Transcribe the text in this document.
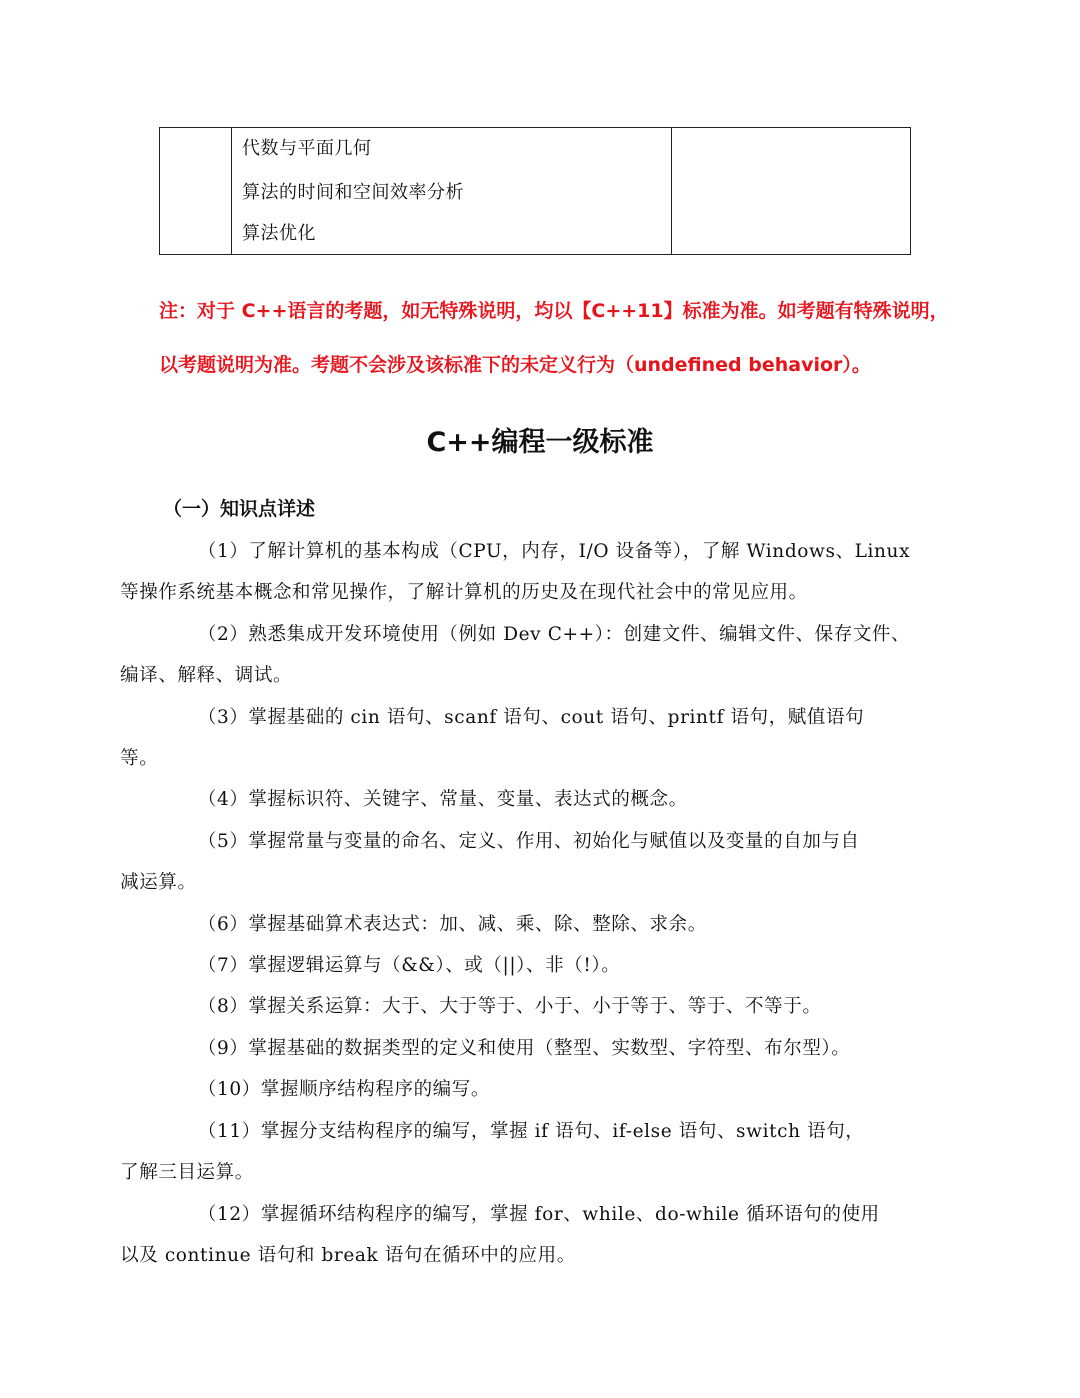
代数与平面几何
算法的时间和空间效率分析
算法优化

注：对于 C++语言的考题，如无特殊说明，均以【C++11】标准为准。如考题有特殊说明，
以考题说明为准。考题不会涉及该标准下的未定义行为（undefined behavior）。
C++编程一级标准
（一）知识点详述

（1）了解计算机的基本构成（CPU，内存，I/O 设备等），了解 Windows、Linux
等操作系统基本概念和常见操作，了解计算机的历史及在现代社会中的常见应用。

（2）熟悉集成开发环境使用（例如 Dev C++）：创建文件、编辑文件、保存文件、
编译、解释、调试。

（3）掌握基础的 cin 语句、scanf 语句、cout 语句、printf 语句，赋值语句
等。

（4）掌握标识符、关键字、常量、变量、表达式的概念。

（5）掌握常量与变量的命名、定义、作用、初始化与赋值以及变量的自加与自
减运算。

（6）掌握基础算术表达式：加、减、乘、除、整除、求余。

（7）掌握逻辑运算与（&&）、或（||）、非（!）。

（8）掌握关系运算：大于、大于等于、小于、小于等于、等于、不等于。

（9）掌握基础的数据类型的定义和使用（整型、实数型、字符型、布尔型）。

（10）掌握顺序结构程序的编写。

（11）掌握分支结构程序的编写，掌握 if 语句、if-else 语句、switch 语句，
了解三目运算。

（12）掌握循环结构程序的编写，掌握 for、while、do-while 循环语句的使用
以及 continue 语句和 break 语句在循环中的应用。
